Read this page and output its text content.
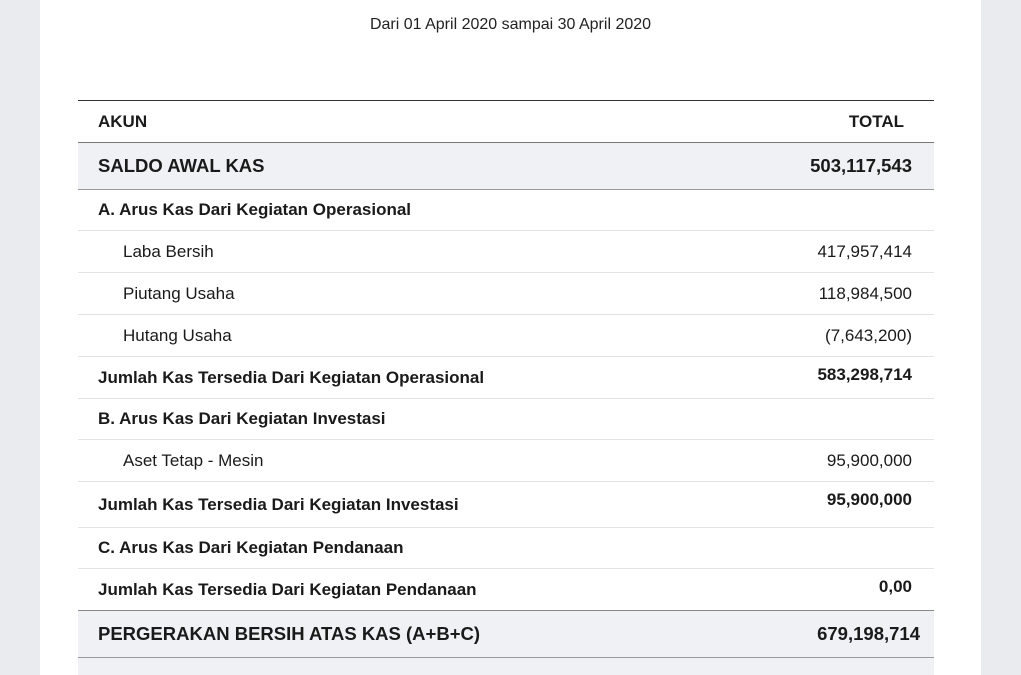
Dari 01 April 2020 sampai 30 April 2020
AKUN	TOTAL
SALDO AWAL KAS	503,117,543
A. Arus Kas Dari Kegiatan Operasional	
Laba Bersih	417,957,414
Piutang Usaha	118,984,500
Hutang Usaha	(7,643,200)
Jumlah Kas Tersedia Dari Kegiatan Operasional	583,298,714
B. Arus Kas Dari Kegiatan Investasi	
Aset Tetap - Mesin	95,900,000
Jumlah Kas Tersedia Dari Kegiatan Investasi	95,900,000
C. Arus Kas Dari Kegiatan Pendanaan	
Jumlah Kas Tersedia Dari Kegiatan Pendanaan	0,00
PERGERAKAN BERSIH ATAS KAS (A+B+C)	679,198,714
